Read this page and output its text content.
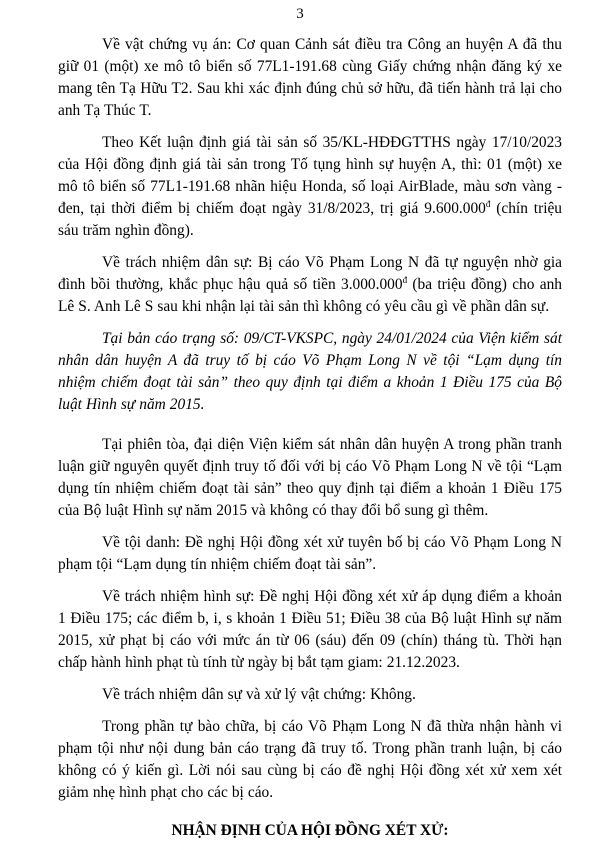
3

Về vật chứng vụ án: Cơ quan Cảnh sát điều tra Công an huyện A đã thu giữ 01 (một) xe mô tô biển số 77L1-191.68 cùng Giấy chứng nhận đăng ký xe mang tên Tạ Hữu T2. Sau khi xác định đúng chủ sở hữu, đã tiến hành trả lại cho anh Tạ Thúc T.

Theo Kết luận định giá tài sản số 35/KL-HĐĐGTTHS ngày 17/10/2023 của Hội đồng định giá tài sản trong Tố tụng hình sự huyện A, thì: 01 (một) xe mô tô biển số 77L1-191.68 nhãn hiệu Honda, số loại AirBlade, màu sơn vàng - đen, tại thời điểm bị chiếm đoạt ngày 31/8/2023, trị giá $9.600.000^đ$ (chín triệu sáu trăm nghìn đồng).

Về trách nhiệm dân sự: Bị cáo Võ Phạm Long N đã tự nguyện nhờ gia đình bồi thường, khắc phục hậu quả số tiền $3.000.000^đ$ (ba triệu đồng) cho anh Lê S. Anh Lê S sau khi nhận lại tài sản thì không có yêu cầu gì về phần dân sự.

Tại bản cáo trạng số: 09/CT-VKSPC, ngày 24/01/2024 của Viện kiểm sát nhân dân huyện A đã truy tố bị cáo Võ Phạm Long N về tội “Lạm dụng tín nhiệm chiếm đoạt tài sản” theo quy định tại điểm a khoản 1 Điều 175 của Bộ luật Hình sự năm 2015.

Tại phiên tòa, đại diện Viện kiểm sát nhân dân huyện A trong phần tranh luận giữ nguyên quyết định truy tố đối với bị cáo Võ Phạm Long N về tội “Lạm dụng tín nhiệm chiếm đoạt tài sản” theo quy định tại điểm a khoản 1 Điều 175 của Bộ luật Hình sự năm 2015 và không có thay đổi bổ sung gì thêm.

Về tội danh: Đề nghị Hội đồng xét xử tuyên bố bị cáo Võ Phạm Long N phạm tội “Lạm dụng tín nhiệm chiếm đoạt tài sản”.

Về trách nhiệm hình sự: Đề nghị Hội đồng xét xử áp dụng điểm a khoản 1 Điều 175; các điểm b, i, s khoản 1 Điều 51; Điều 38 của Bộ luật Hình sự năm 2015, xử phạt bị cáo với mức án từ 06 (sáu) đến 09 (chín) tháng tù. Thời hạn chấp hành hình phạt tù tính từ ngày bị bắt tạm giam: 21.12.2023.

Về trách nhiệm dân sự và xử lý vật chứng: Không.

Trong phần tự bào chữa, bị cáo Võ Phạm Long N đã thừa nhận hành vi phạm tội như nội dung bản cáo trạng đã truy tố. Trong phần tranh luận, bị cáo không có ý kiến gì. Lời nói sau cùng bị cáo đề nghị Hội đồng xét xử xem xét giảm nhẹ hình phạt cho các bị cáo.

NHẬN ĐỊNH CỦA HỘI ĐỒNG XÉT XỬ:
